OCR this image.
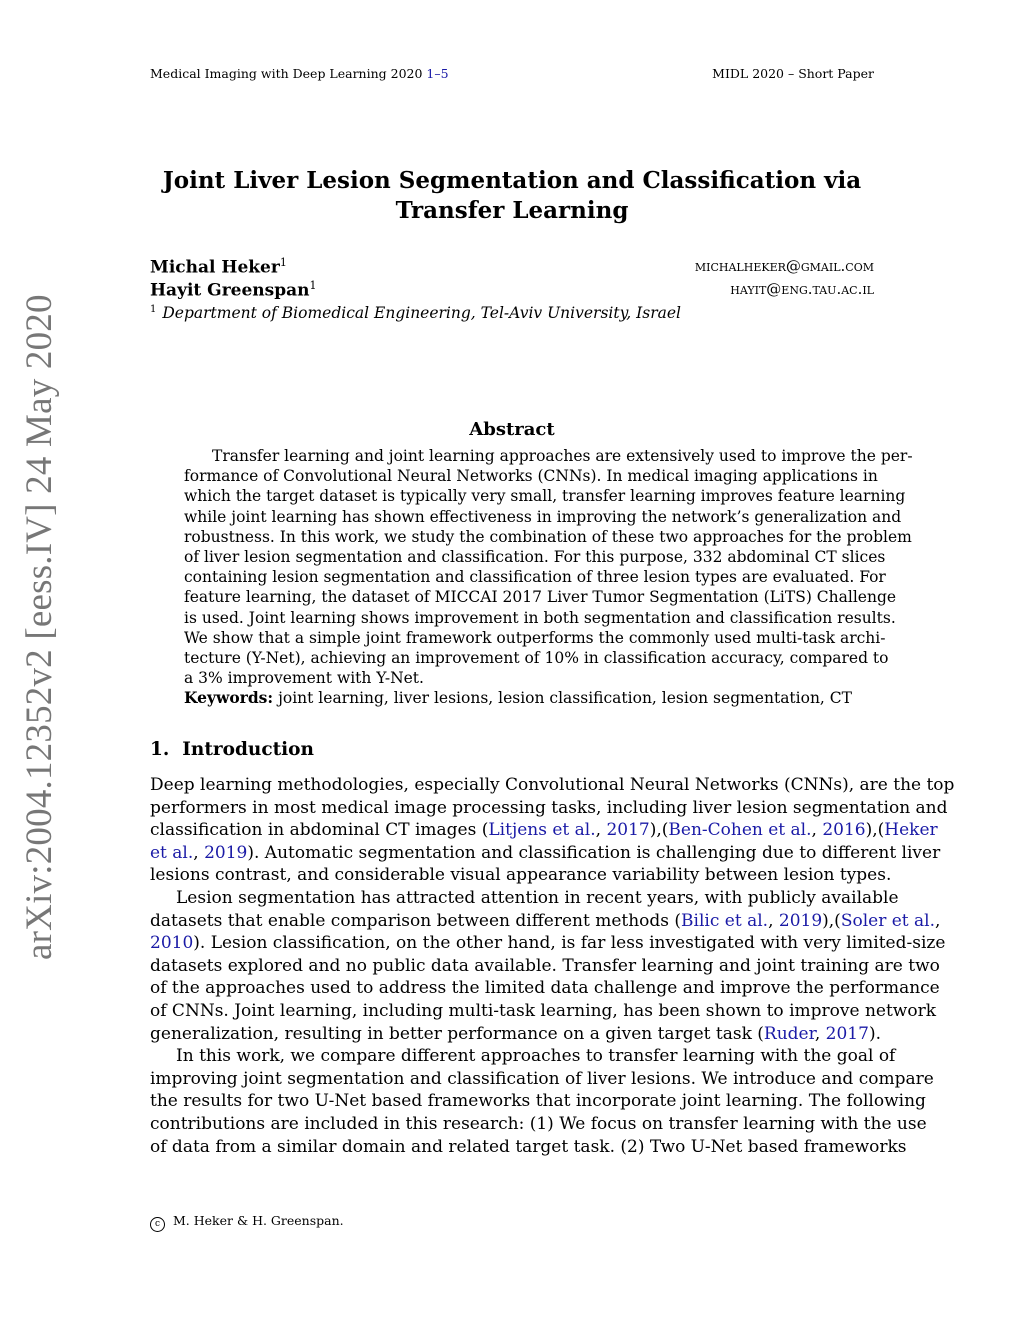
Medical Imaging with Deep Learning 2020 1–5	MIDL 2020 – Short Paper
arXiv:2004.12352v2 [eess.IV] 24 May 2020
Joint Liver Lesion Segmentation and Classification via
Transfer Learning
Michal Heker$^1$	michalheker@gmail.com
Hayit Greenspan$^1$	hayit@eng.tau.ac.il
$^1$ Department of Biomedical Engineering, Tel-Aviv University, Israel
Abstract
Transfer learning and joint learning approaches are extensively used to improve the per-
formance of Convolutional Neural Networks (CNNs). In medical imaging applications in
which the target dataset is typically very small, transfer learning improves feature learning
while joint learning has shown effectiveness in improving the network’s generalization and
robustness. In this work, we study the combination of these two approaches for the problem
of liver lesion segmentation and classification. For this purpose, 332 abdominal CT slices
containing lesion segmentation and classification of three lesion types are evaluated. For
feature learning, the dataset of MICCAI 2017 Liver Tumor Segmentation (LiTS) Challenge
is used. Joint learning shows improvement in both segmentation and classification results.
We show that a simple joint framework outperforms the commonly used multi-task archi-
tecture (Y-Net), achieving an improvement of 10% in classification accuracy, compared to
a 3% improvement with Y-Net.
Keywords: joint learning, liver lesions, lesion classification, lesion segmentation, CT
1. Introduction
Deep learning methodologies, especially Convolutional Neural Networks (CNNs), are the top
performers in most medical image processing tasks, including liver lesion segmentation and
classification in abdominal CT images (Litjens et al., 2017),(Ben-Cohen et al., 2016),(Heker
et al., 2019). Automatic segmentation and classification is challenging due to different liver
lesions contrast, and considerable visual appearance variability between lesion types.
Lesion segmentation has attracted attention in recent years, with publicly available
datasets that enable comparison between different methods (Bilic et al., 2019),(Soler et al.,
2010). Lesion classification, on the other hand, is far less investigated with very limited-size
datasets explored and no public data available. Transfer learning and joint training are two
of the approaches used to address the limited data challenge and improve the performance
of CNNs. Joint learning, including multi-task learning, has been shown to improve network
generalization, resulting in better performance on a given target task (Ruder, 2017).
In this work, we compare different approaches to transfer learning with the goal of
improving joint segmentation and classification of liver lesions. We introduce and compare
the results for two U-Net based frameworks that incorporate joint learning. The following
contributions are included in this research: (1) We focus on transfer learning with the use
of data from a similar domain and related target task. (2) Two U-Net based frameworks
c M. Heker & H. Greenspan.
